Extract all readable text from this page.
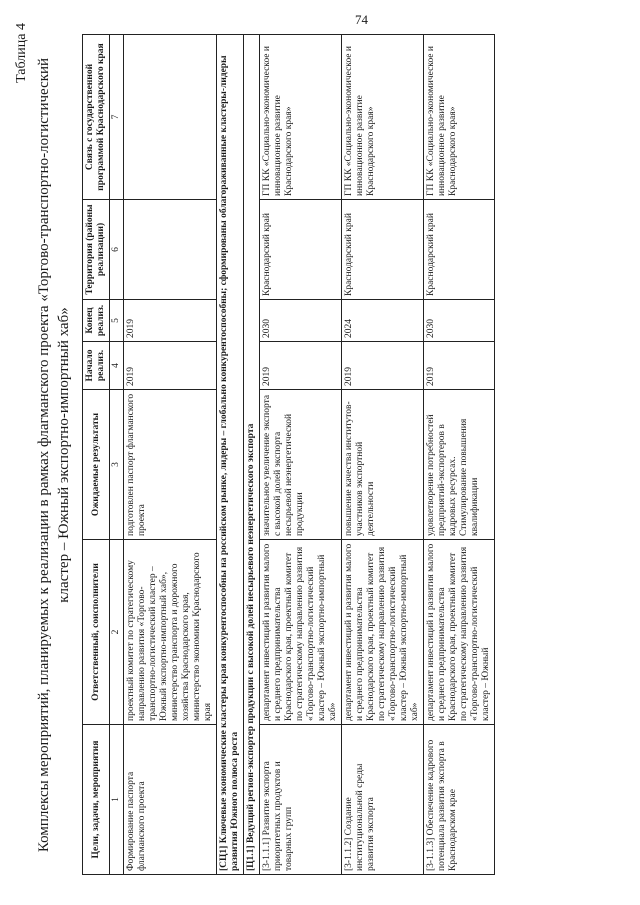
74
Таблица 4
Комплексы мероприятий, планируемых к реализации в рамках флагманского проекта «Торгово-транспортно-логистический кластер – Южный экспортно-импортный хаб»
Цели, задачи, мероприятия	Ответственный, соисполнители	Ожидаемые результаты	Начало реализ.	Конец реализ.	Территория (районы реализации)	Связь с государственной программой Краснодарского края
1	2	3	4	5	6	7
Формирование паспорта флагманского проекта	проектный комитет по стратегическому направлению развития «Торгово-транспортно-логистический кластер – Южный экспортно-импортный хаб», министерство транспорта и дорожного хозяйства Краснодарского края, министерство экономики Краснодарского края	подготовлен паспорт флагманского проекта	2019	2019		
[СЦ1] Ключевые экономические кластеры края конкурентоспособны на российском рынке, лидеры – глобально конкурентоспособны; сформированы облагораживанные кластеры-лидеры развития Южного полюса роста						
[Ц1.1] Ведущий регион-экспортер продукции с высокой долей несырьевого неэнергетического экспорта						
[3-1.1.1] Развитие экспорта приоритетных продуктов и товарных групп	департамент инвестиций и развития малого и среднего предпринимательства Краснодарского края, проектный комитет по стратегическому направлению развития «Торгово-транспортно-логистический кластер – Южный экспортно-импортный хаб»	значительное увеличение экспорта с высокой долей экспорта несырьевой неэнергетической продукции	2019	2030	Краснодарский край	ГП КК «Социально-экономическое и инновационное развитие Краснодарского края»
[3-1.1.2] Создание институциональной среды развития экспорта	департамент инвестиций и развития малого и среднего предпринимательства Краснодарского края, проектный комитет по стратегическому направлению развития «Торгово-транспортно-логистический кластер – Южный экспортно-импортный хаб»	повышение качества институтов-участников экспортной деятельности	2019	2024	Краснодарский край	ГП КК «Социально-экономическое и инновационное развитие Краснодарского края»
[3-1.1.3] Обеспечение кадрового потенциала развития экспорта в Краснодарском крае	департамент инвестиций и развития малого и среднего предпринимательства Краснодарского края, проектный комитет по стратегическому направлению развития «Торгово-транспортно-логистический кластер – Южный	удовлетворение потребностей предприятий-экспортеров в кадровых ресурсах. Стимулирование повышения квалификации	2019	2030	Краснодарский край	ГП КК «Социально-экономическое и инновационное развитие Краснодарского края»
